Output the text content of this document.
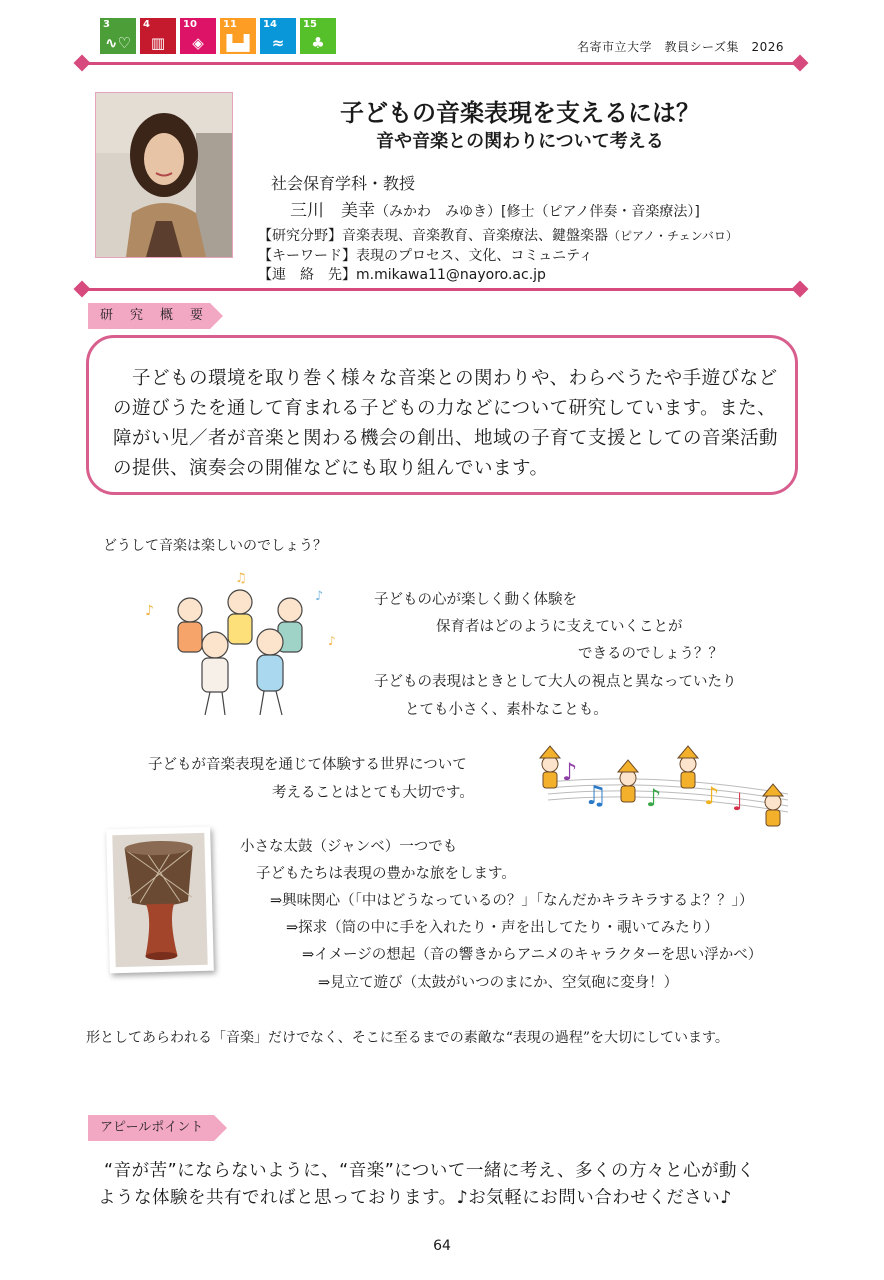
3
∿♡
4
▥
10
◈
11
▙▟
14
≈
15
♣	名寄市立大学　教員シーズ集　2026
子どもの音楽表現を支えるには？
音や音楽との関わりについて考える
社会保育学科・教授
三川　美幸（みかわ　みゆき）[修士（ピアノ伴奏・音楽療法）]
【研究分野】音楽表現、音楽教育、音楽療法、鍵盤楽器（ピアノ・チェンバロ）
【キーワード】表現のプロセス、文化、コミュニティ
【連　絡　先】m.mikawa11@nayoro.ac.jp
研　究　概　要
　子どもの環境を取り巻く様々な音楽との関わりや、わらべうたや手遊びなど
の遊びうたを通して育まれる子どもの力などについて研究しています。また、
障がい児／者が音楽と関わる機会の創出、地域の子育て支援としての音楽活動
の提供、演奏会の開催などにも取り組んでいます。
どうして音楽は楽しいのでしょう？
♪
♫
♪
♪
子どもの心が楽しく動く体験を
保育者はどのように支えていくことが
できるのでしょう？？
子どもの表現はときとして大人の視点と異なっていたり
とても小さく、素朴なことも。
子どもが音楽表現を通じて体験する世界について
考えることはとても大切です。
♪
♫ ♪ ♪ ♩
小さな太鼓（ジャンベ）一つでも
子どもたちは表現の豊かな旅をします。
⇒興味関心（「中はどうなっているの？」「なんだかキラキラするよ？？」）
⇒探求（筒の中に手を入れたり・声を出してたり・覗いてみたり）
⇒イメージの想起（音の響きからアニメのキャラクターを思い浮かべ）
⇒見立て遊び（太鼓がいつのまにか、空気砲に変身！）
形としてあらわれる「音楽」だけでなく、そこに至るまでの素敵な“表現の過程”を大切にしています。
アピールポイント
“音が苦”にならないように、“音楽”について一緒に考え、多くの方々と心が動く
ような体験を共有でればと思っております。♪お気軽にお問い合わせください♪
64
